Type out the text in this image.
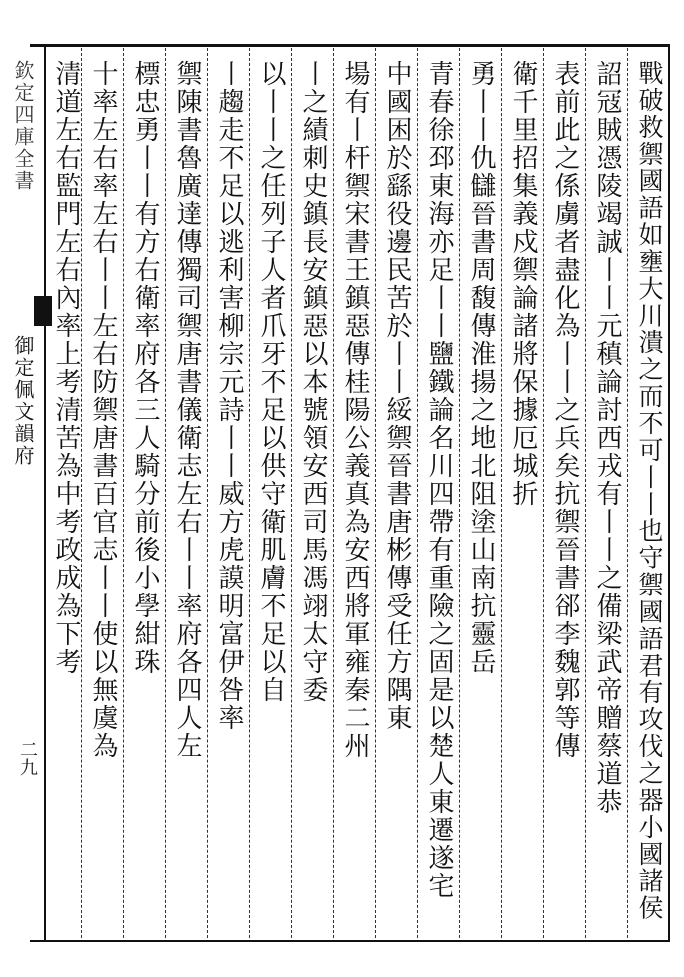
欽定四庫全書
御定佩文韻府
二九	戰破救禦國語如壅大川潰之而不可丨丨也守禦國語君有攻伐之器小國諸侯
詔冦賊憑陵竭誠丨丨元稹論討西戎有丨丨之備梁武帝贈蔡道恭
表前此之係虜者盡化為丨丨之兵矣抗禦晉書郤李魏郭等傳
衛千里招集義戍禦論諸將保據厄城折
勇丨丨仇讎晉書周馥傳淮揚之地北阻塗山南抗靈岳
青春徐邳東海亦足丨丨鹽鐵論名川四帶有重險之固是以楚人東遷遂宅
中國困於繇役邊民苦於丨丨綏禦晉書唐彬傳受任方隅東
場有丨杆禦宋書王鎮惡傳桂陽公義真為安西將軍雍秦二州
丨之績刺史鎮長安鎮惡以本號領安西司馬馮翊太守委
以丨丨之任列子人者爪牙不足以供守衛肌膚不足以自
丨趨走不足以逃利害柳宗元詩丨丨威方虎謨明富伊咎率
禦陳書魯廣達傳獨司禦唐書儀衛志左右丨丨率府各四人左
標忠勇丨丨有方右衛率府各三人騎分前後小學紺珠
十率左右率左右丨丨左右防禦唐書百官志丨丨使以無虞為
清道左右監門左右內率上考清苦為中考政成為下考
